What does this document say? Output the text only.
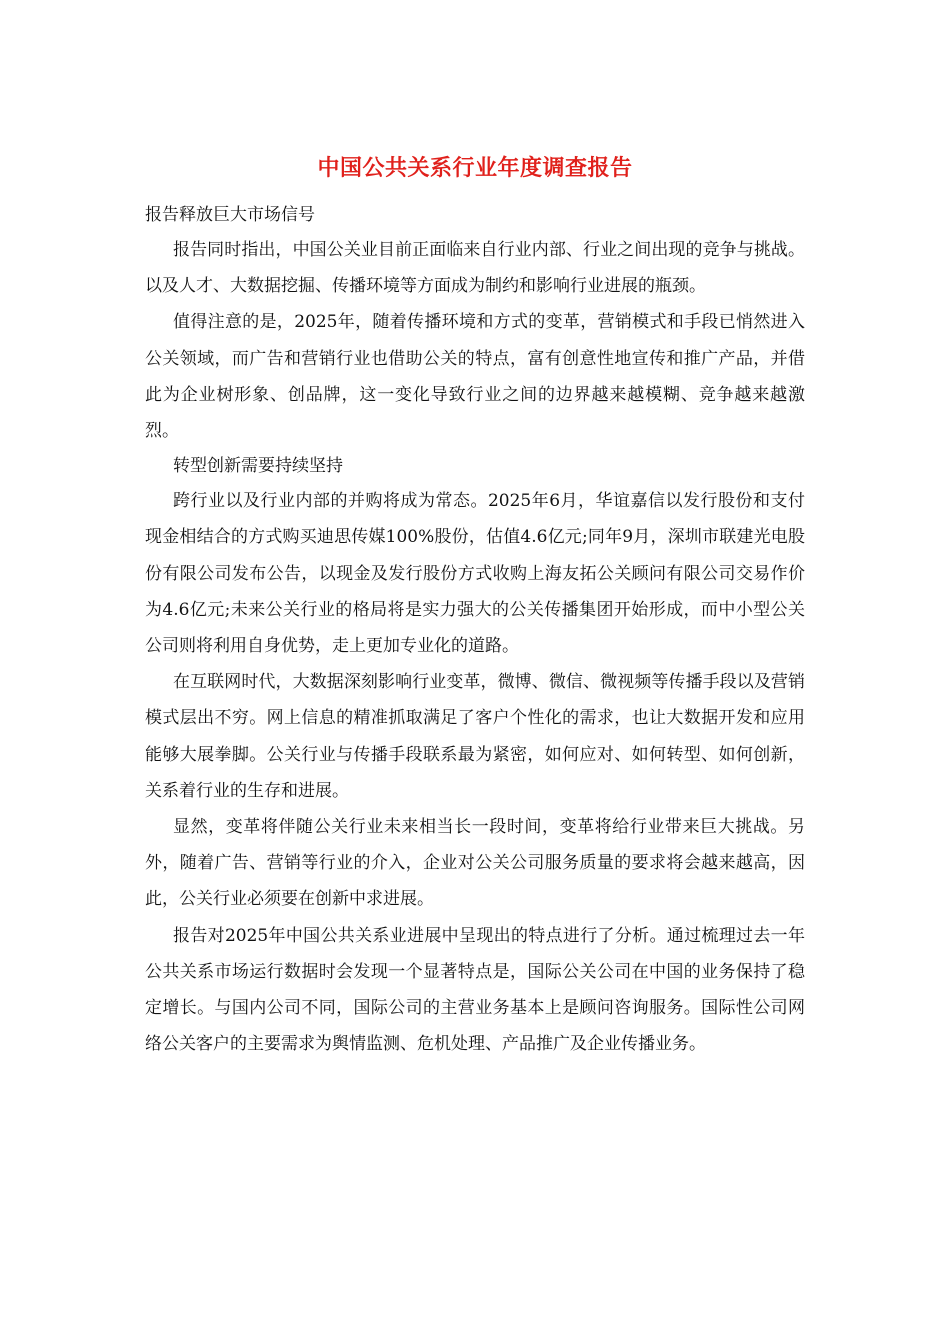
中国公共关系行业年度调查报告

报告释放巨大市场信号

报告同时指出，中国公关业目前正面临来自行业内部、行业之间出现的竞争与挑战。以及人才、大数据挖掘、传播环境等方面成为制约和影响行业进展的瓶颈。

值得注意的是，2025年，随着传播环境和方式的变革，营销模式和手段已悄然进入公关领域，而广告和营销行业也借助公关的特点，富有创意性地宣传和推广产品，并借此为企业树形象、创品牌，这一变化导致行业之间的边界越来越模糊、竞争越来越激烈。

转型创新需要持续坚持

跨行业以及行业内部的并购将成为常态。2025年6月，华谊嘉信以发行股份和支付现金相结合的方式购买迪思传媒100%股份，估值4.6亿元;同年9月，深圳市联建光电股份有限公司发布公告，以现金及发行股份方式收购上海友拓公关顾问有限公司交易作价为4.6亿元;未来公关行业的格局将是实力强大的公关传播集团开始形成，而中小型公关公司则将利用自身优势，走上更加专业化的道路。

在互联网时代，大数据深刻影响行业变革，微博、微信、微视频等传播手段以及营销模式层出不穷。网上信息的精准抓取满足了客户个性化的需求，也让大数据开发和应用能够大展拳脚。公关行业与传播手段联系最为紧密，如何应对、如何转型、如何创新，关系着行业的生存和进展。

显然，变革将伴随公关行业未来相当长一段时间，变革将给行业带来巨大挑战。另外，随着广告、营销等行业的介入，企业对公关公司服务质量的要求将会越来越高，因此，公关行业必须要在创新中求进展。

报告对2025年中国公共关系业进展中呈现出的特点进行了分析。通过梳理过去一年公共关系市场运行数据时会发现一个显著特点是，国际公关公司在中国的业务保持了稳定增长。与国内公司不同，国际公司的主营业务基本上是顾问咨询服务。国际性公司网络公关客户的主要需求为舆情监测、危机处理、产品推广及企业传播业务。
